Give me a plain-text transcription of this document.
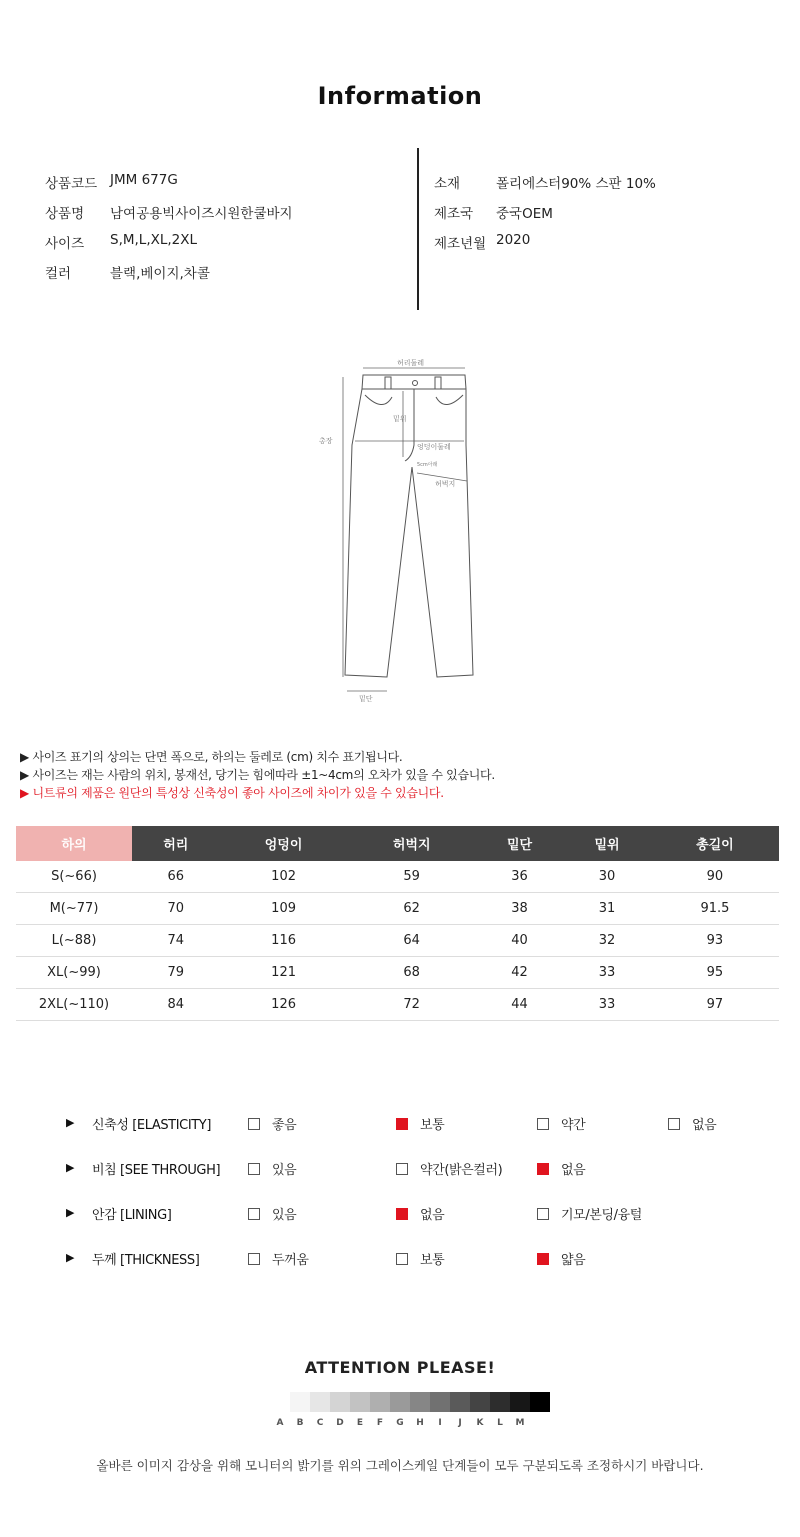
Information
상품코드 JMM 677G
상품명	남여공용빅사이즈시원한쿨바지
사이즈	S,M,L,XL,2XL
컬러	블랙,베이지,차콜
소재	폴리에스터90% 스판 10%
제조국	중국OEM
제조년월 2020
허리둘레
총장
밑위
엉덩이둘레
5cm아래
허벅지
밑단
▶ 사이즈 표기의 상의는 단면 폭으로, 하의는 둘레로 (cm) 치수 표기됩니다.
▶ 사이즈는 재는 사람의 위치, 봉재선, 당기는 힘에따라 ±1~4cm의 오차가 있을 수 있습니다.
▶ 니트류의 제품은 원단의 특성상 신축성이 좋아 사이즈에 차이가 있을 수 있습니다.
하의	허리	엉덩이	허벅지	밑단	밑위	총길이
S(~66)	66	102	59	36	30	90
M(~77)	70	109	62	38	31	91.5
L(~88)	74	116	64	40	32	93
XL(~99)	79	121	68	42	33	95
2XL(~110)	84	126	72	44	33	97
▶ 신축성 [ELASTICITY]	좋음	보통	약간	없음
▶ 비침 [SEE THROUGH]	있음	약간(밝은컬러)	없음
▶ 안감 [LINING]	있음	없음	기모/본딩/융털
▶ 두께 [THICKNESS]	두꺼움	보통	얇음
ATTENTION PLEASE!
A	B	C	D	E	F	G	H	I	J	K	L	M
올바른 이미지 감상을 위해 모니터의 밝기를 위의 그레이스케일 단계들이 모두 구분되도록 조정하시기 바랍니다.
